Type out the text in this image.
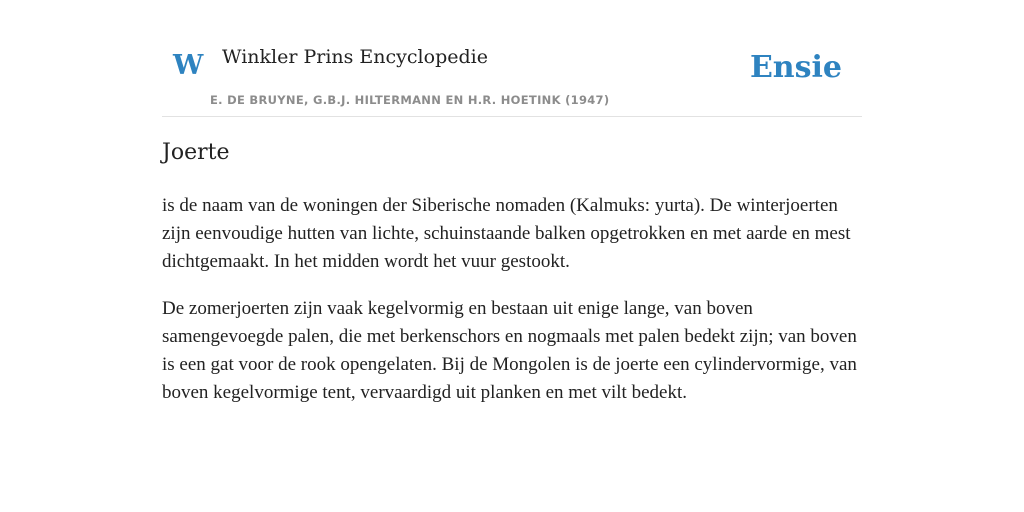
W Winkler Prins Encyclopedie
E. DE BRUYNE, G.B.J. HILTERMANN EN H.R. HOETINK (1947)
Ensie
Joerte

is de naam van de woningen der Siberische nomaden (Kalmuks: yurta). De winterjoerten zijn eenvoudige hutten van lichte, schuinstaande balken opgetrokken en met aarde en mest dichtgemaakt. In het midden wordt het vuur gestookt.

De zomerjoerten zijn vaak kegelvormig en bestaan uit enige lange, van boven samengevoegde palen, die met berkenschors en nogmaals met palen bedekt zijn; van boven is een gat voor de rook opengelaten. Bij de Mongolen is de joerte een cylindervormige, van boven kegelvormige tent, vervaardigd uit planken en met vilt bedekt.
